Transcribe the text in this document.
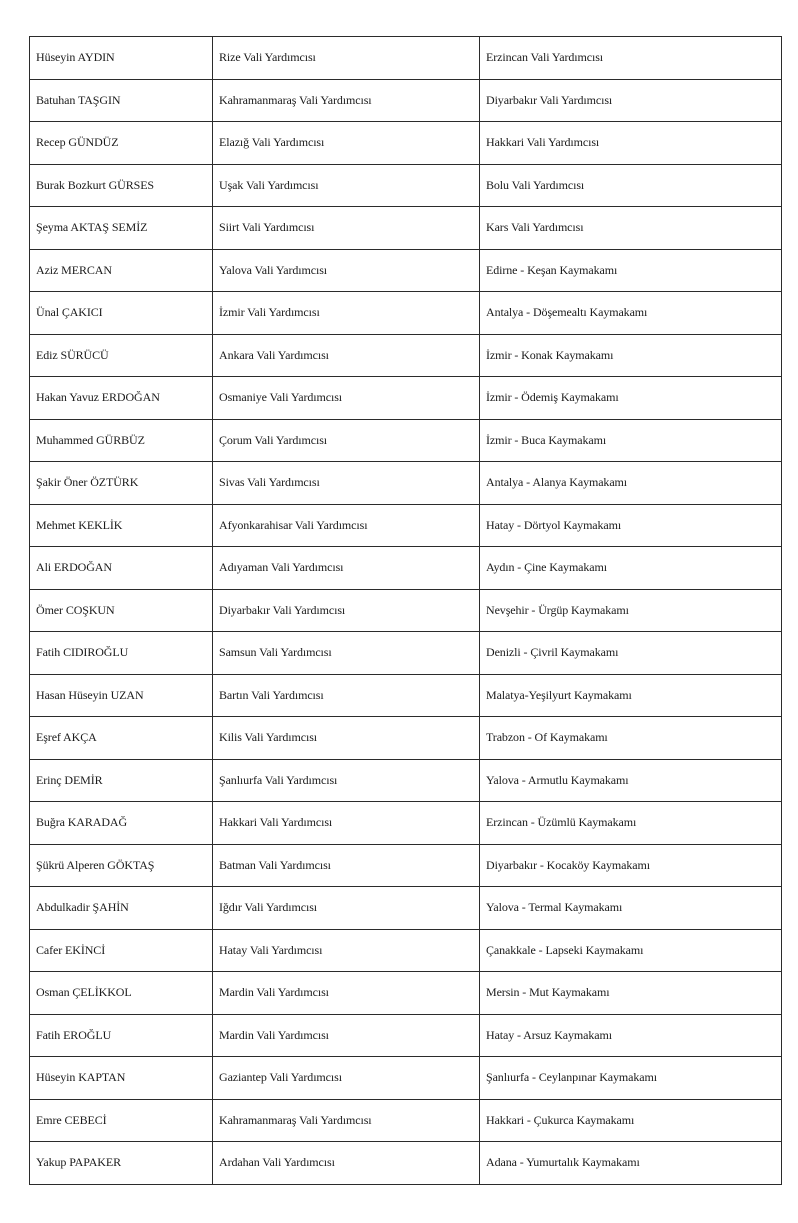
Hüseyin AYDIN	Rize Vali Yardımcısı	Erzincan Vali Yardımcısı
Batuhan TAŞGIN	Kahramanmaraş Vali Yardımcısı	Diyarbakır Vali Yardımcısı
Recep GÜNDÜZ	Elazığ Vali Yardımcısı	Hakkari Vali Yardımcısı
Burak Bozkurt GÜRSES	Uşak Vali Yardımcısı	Bolu Vali Yardımcısı
Şeyma AKTAŞ SEMİZ	Siirt Vali Yardımcısı	Kars Vali Yardımcısı
Aziz MERCAN	Yalova Vali Yardımcısı	Edirne - Keşan Kaymakamı
Ünal ÇAKICI	İzmir Vali Yardımcısı	Antalya - Döşemealtı Kaymakamı
Ediz SÜRÜCÜ	Ankara Vali Yardımcısı	İzmir - Konak Kaymakamı
Hakan Yavuz ERDOĞAN	Osmaniye Vali Yardımcısı	İzmir - Ödemiş Kaymakamı
Muhammed GÜRBÜZ	Çorum Vali Yardımcısı	İzmir - Buca Kaymakamı
Şakir Öner ÖZTÜRK	Sivas Vali Yardımcısı	Antalya - Alanya Kaymakamı
Mehmet KEKLİK	Afyonkarahisar Vali Yardımcısı	Hatay - Dörtyol Kaymakamı
Ali ERDOĞAN	Adıyaman Vali Yardımcısı	Aydın - Çine Kaymakamı
Ömer COŞKUN	Diyarbakır Vali Yardımcısı	Nevşehir - Ürgüp Kaymakamı
Fatih CIDIROĞLU	Samsun Vali Yardımcısı	Denizli - Çivril Kaymakamı
Hasan Hüseyin UZAN	Bartın Vali Yardımcısı	Malatya-Yeşilyurt Kaymakamı
Eşref AKÇA	Kilis Vali Yardımcısı	Trabzon - Of Kaymakamı
Erinç DEMİR	Şanlıurfa Vali Yardımcısı	Yalova - Armutlu Kaymakamı
Buğra KARADAĞ	Hakkari Vali Yardımcısı	Erzincan - Üzümlü Kaymakamı
Şükrü Alperen GÖKTAŞ	Batman Vali Yardımcısı	Diyarbakır - Kocaköy Kaymakamı
Abdulkadir ŞAHİN	Iğdır Vali Yardımcısı	Yalova - Termal Kaymakamı
Cafer EKİNCİ	Hatay Vali Yardımcısı	Çanakkale - Lapseki Kaymakamı
Osman ÇELİKKOL	Mardin Vali Yardımcısı	Mersin - Mut Kaymakamı
Fatih EROĞLU	Mardin Vali Yardımcısı	Hatay - Arsuz Kaymakamı
Hüseyin KAPTAN	Gaziantep Vali Yardımcısı	Şanlıurfa - Ceylanpınar Kaymakamı
Emre CEBECİ	Kahramanmaraş Vali Yardımcısı	Hakkari - Çukurca Kaymakamı
Yakup PAPAKER	Ardahan Vali Yardımcısı	Adana - Yumurtalık Kaymakamı
